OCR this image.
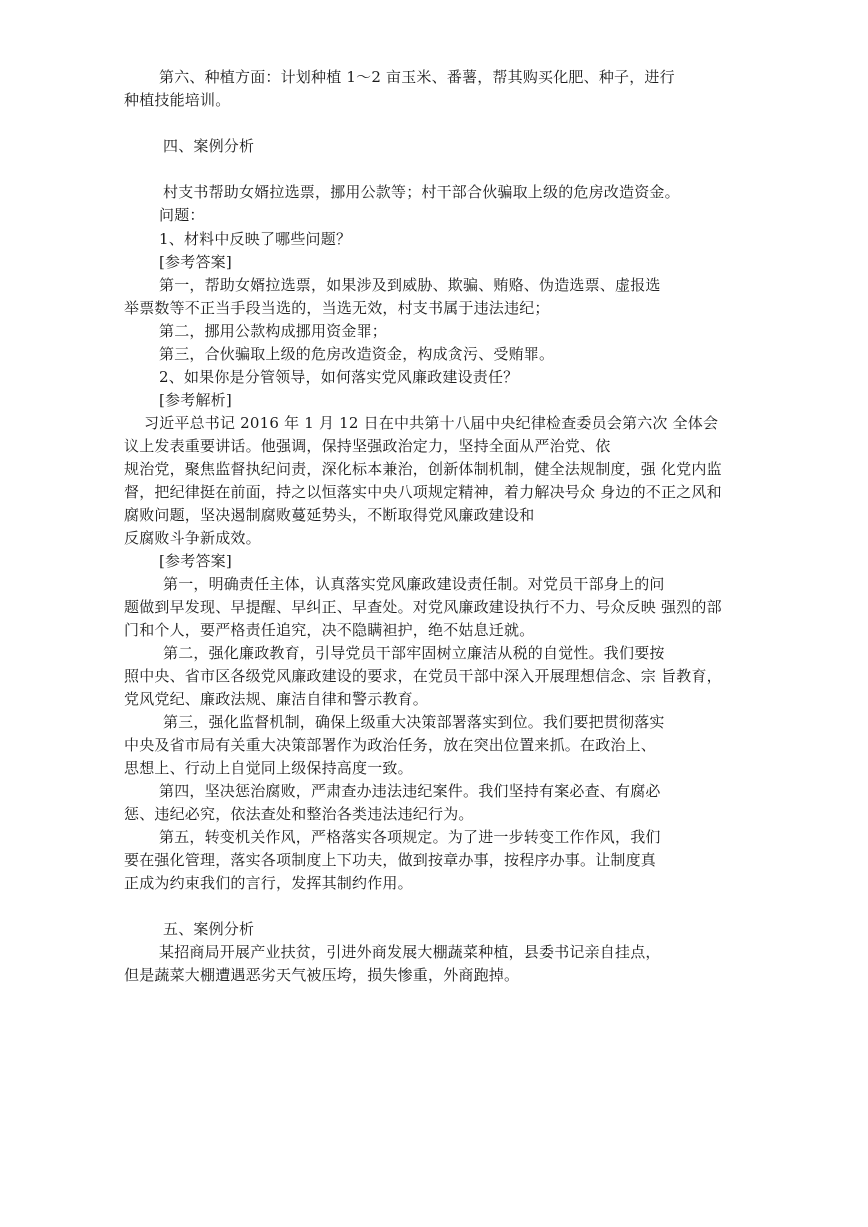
第六、种植方面：计划种植 1～2 亩玉米、番薯，帮其购买化肥、种子，进行
种植技能培训。
四、案例分析
村支书帮助女婿拉选票，挪用公款等；村干部合伙骗取上级的危房改造资金。
问题：
1、材料中反映了哪些问题？
[参考答案]
第一，帮助女婿拉选票，如果涉及到威胁、欺骗、贿赂、伪造选票、虚报选
举票数等不正当手段当选的，当选无效，村支书属于违法违纪；
第二，挪用公款构成挪用资金罪；
第三，合伙骗取上级的危房改造资金，构成贪污、受贿罪。
2、如果你是分管领导，如何落实党风廉政建设责任？
[参考解析]
习近平总书记 2016 年 1 月 12 日在中共第十八届中央纪律检查委员会第六次 全体会
议上发表重要讲话。他强调，保持坚强政治定力，坚持全面从严治党、依
规治党，聚焦监督执纪问责，深化标本兼治，创新体制机制，健全法规制度，强 化党内监
督，把纪律挺在前面，持之以恒落实中央八项规定精神，着力解决号众 身边的不正之风和
腐败问题，坚决遏制腐败蔓延势头，不断取得党风廉政建设和
反腐败斗争新成效。
[参考答案]
第一，明确责任主体，认真落实党风廉政建设责任制。对党员干部身上的问
题做到早发现、早提醒、早纠正、早查处。对党风廉政建设执行不力、号众反映 强烈的部
门和个人，要严格责任追究，决不隐瞒袒护，绝不姑息迁就。
第二，强化廉政教育，引导党员干部牢固树立廉洁从税的自觉性。我们要按
照中央、省市区各级党风廉政建设的要求，在党员干部中深入开展理想信念、宗 旨教育，
党风党纪、廉政法规、廉洁自律和警示教育。
第三，强化监督机制，确保上级重大决策部署落实到位。我们要把贯彻落实
中央及省市局有关重大决策部署作为政治任务，放在突出位置来抓。在政治上、
思想上、行动上自觉同上级保持高度一致。
第四，坚决惩治腐败，严肃查办违法违纪案件。我们坚持有案必查、有腐必
惩、违纪必究，依法查处和整治各类违法违纪行为。
第五，转变机关作风，严格落实各项规定。为了进一步转变工作作风，我们
要在强化管理，落实各项制度上下功夫，做到按章办事，按程序办事。让制度真
正成为约束我们的言行，发挥其制约作用。
五、案例分析
某招商局开展产业扶贫，引进外商发展大棚蔬菜种植，县委书记亲自挂点，
但是蔬菜大棚遭遇恶劣天气被压垮，损失惨重，外商跑掉。
